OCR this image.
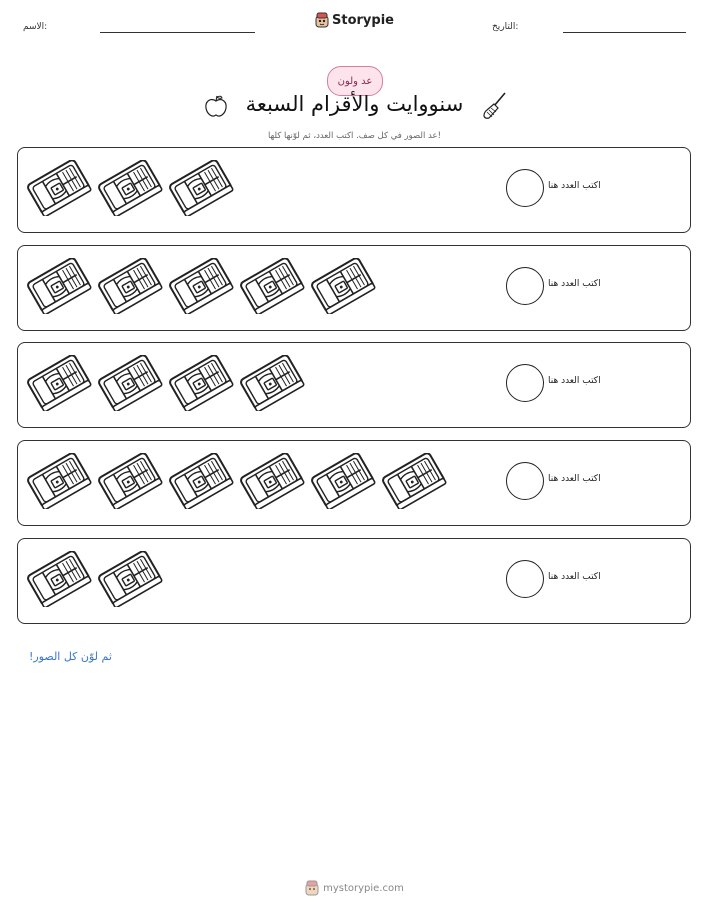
الاسم:	Storypie	التاريخ:
عد ولون
سنووايت والأقزام السبعة
عد الصور في كل صف. اكتب العدد، ثم لوّنها كلها!
اكتب العدد هنا
اكتب العدد هنا
اكتب العدد هنا
اكتب العدد هنا
اكتب العدد هنا
ثم لوّن كل الصور!
mystorypie.com
